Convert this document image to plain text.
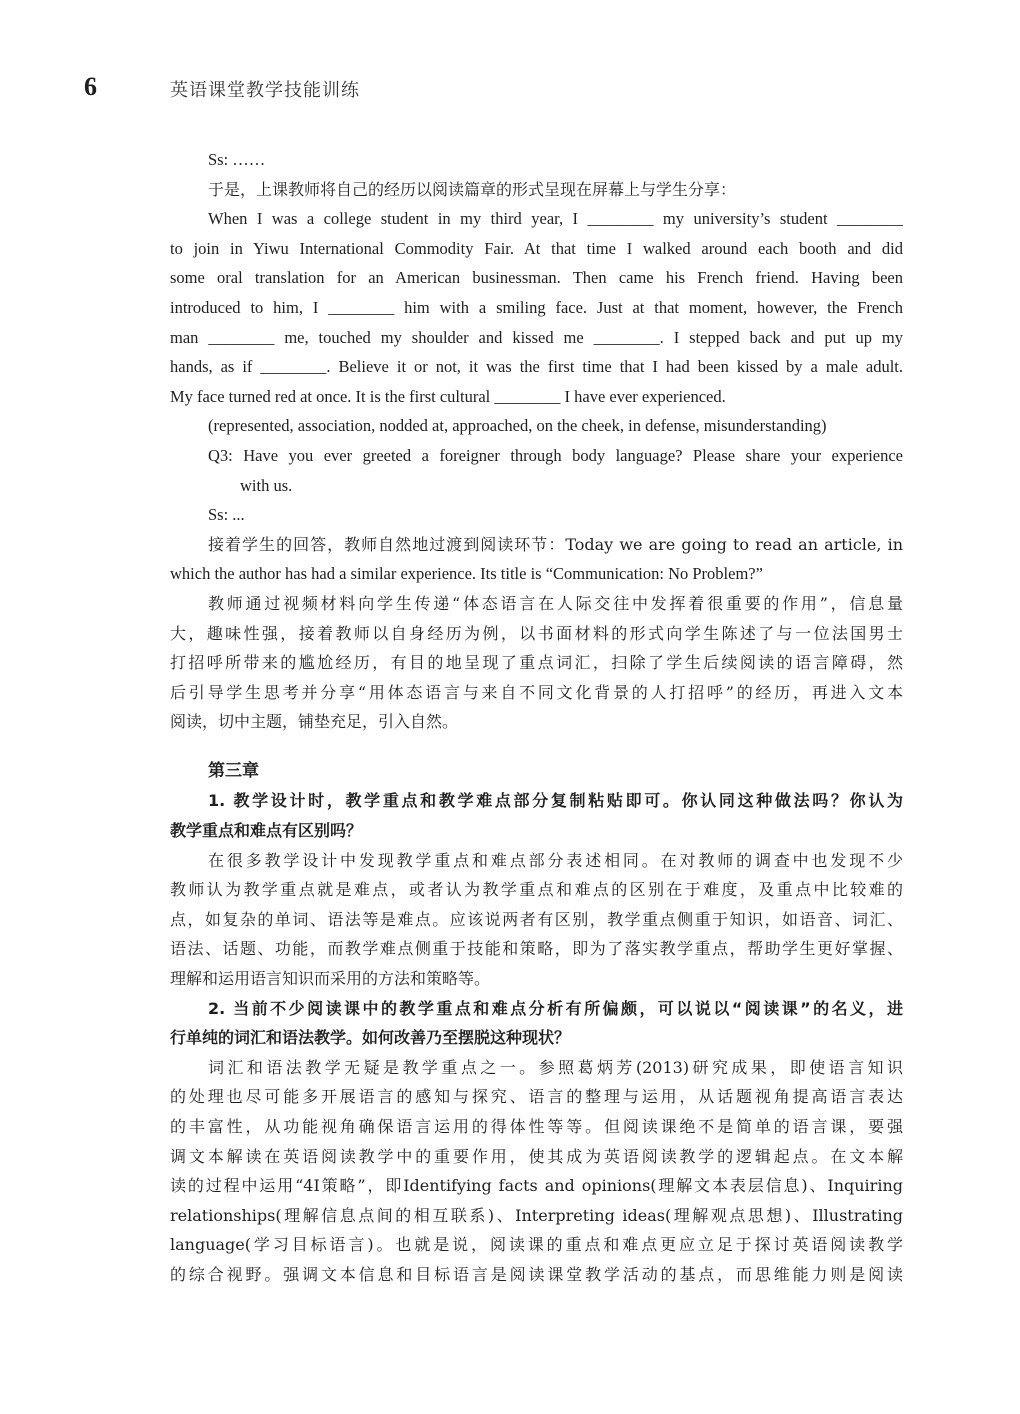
6	英语课堂教学技能训练
Ss: ……
于是，上课教师将自己的经历以阅读篇章的形式呈现在屏幕上与学生分享：
When I was a college student in my third year, I ________ my university’s student ________
to join in Yiwu International Commodity Fair. At that time I walked around each booth and did
some oral translation for an American businessman. Then came his French friend. Having been
introduced to him, I ________ him with a smiling face. Just at that moment, however, the French
man ________ me, touched my shoulder and kissed me ________. I stepped back and put up my
hands, as if ________. Believe it or not, it was the first time that I had been kissed by a male adult.
My face turned red at once. It is the first cultural ________ I have ever experienced.
(represented, association, nodded at, approached, on the cheek, in defense, misunderstanding)
Q3: Have you ever greeted a foreigner through body language? Please share your experience
with us.
Ss: ...
接着学生的回答，教师自然地过渡到阅读环节：Today we are going to read an article, in
which the author has had a similar experience. Its title is “Communication: No Problem?”
教师通过视频材料向学生传递“体态语言在人际交往中发挥着很重要的作用”，信息量
大，趣味性强，接着教师以自身经历为例，以书面材料的形式向学生陈述了与一位法国男士
打招呼所带来的尴尬经历，有目的地呈现了重点词汇，扫除了学生后续阅读的语言障碍，然
后引导学生思考并分享“用体态语言与来自不同文化背景的人打招呼”的经历，再进入文本
阅读，切中主题，铺垫充足，引入自然。
第三章
1. 教学设计时，教学重点和教学难点部分复制粘贴即可。你认同这种做法吗？你认为
教学重点和难点有区别吗？
在很多教学设计中发现教学重点和难点部分表述相同。在对教师的调查中也发现不少
教师认为教学重点就是难点，或者认为教学重点和难点的区别在于难度，及重点中比较难的
点，如复杂的单词、语法等是难点。应该说两者有区别，教学重点侧重于知识，如语音、词汇、
语法、话题、功能，而教学难点侧重于技能和策略，即为了落实教学重点，帮助学生更好掌握、
理解和运用语言知识而采用的方法和策略等。
2. 当前不少阅读课中的教学重点和难点分析有所偏颇，可以说以“阅读课”的名义，进
行单纯的词汇和语法教学。如何改善乃至摆脱这种现状？
词汇和语法教学无疑是教学重点之一。参照葛炳芳(2013)研究成果，即使语言知识
的处理也尽可能多开展语言的感知与探究、语言的整理与运用，从话题视角提高语言表达
的丰富性，从功能视角确保语言运用的得体性等等。但阅读课绝不是简单的语言课，要强
调文本解读在英语阅读教学中的重要作用，使其成为英语阅读教学的逻辑起点。在文本解
读的过程中运用“4I策略”，即Identifying facts and opinions(理解文本表层信息)、Inquiring
relationships(理解信息点间的相互联系)、Interpreting ideas(理解观点思想)、Illustrating
language(学习目标语言)。也就是说，阅读课的重点和难点更应立足于探讨英语阅读教学
的综合视野。强调文本信息和目标语言是阅读课堂教学活动的基点，而思维能力则是阅读
